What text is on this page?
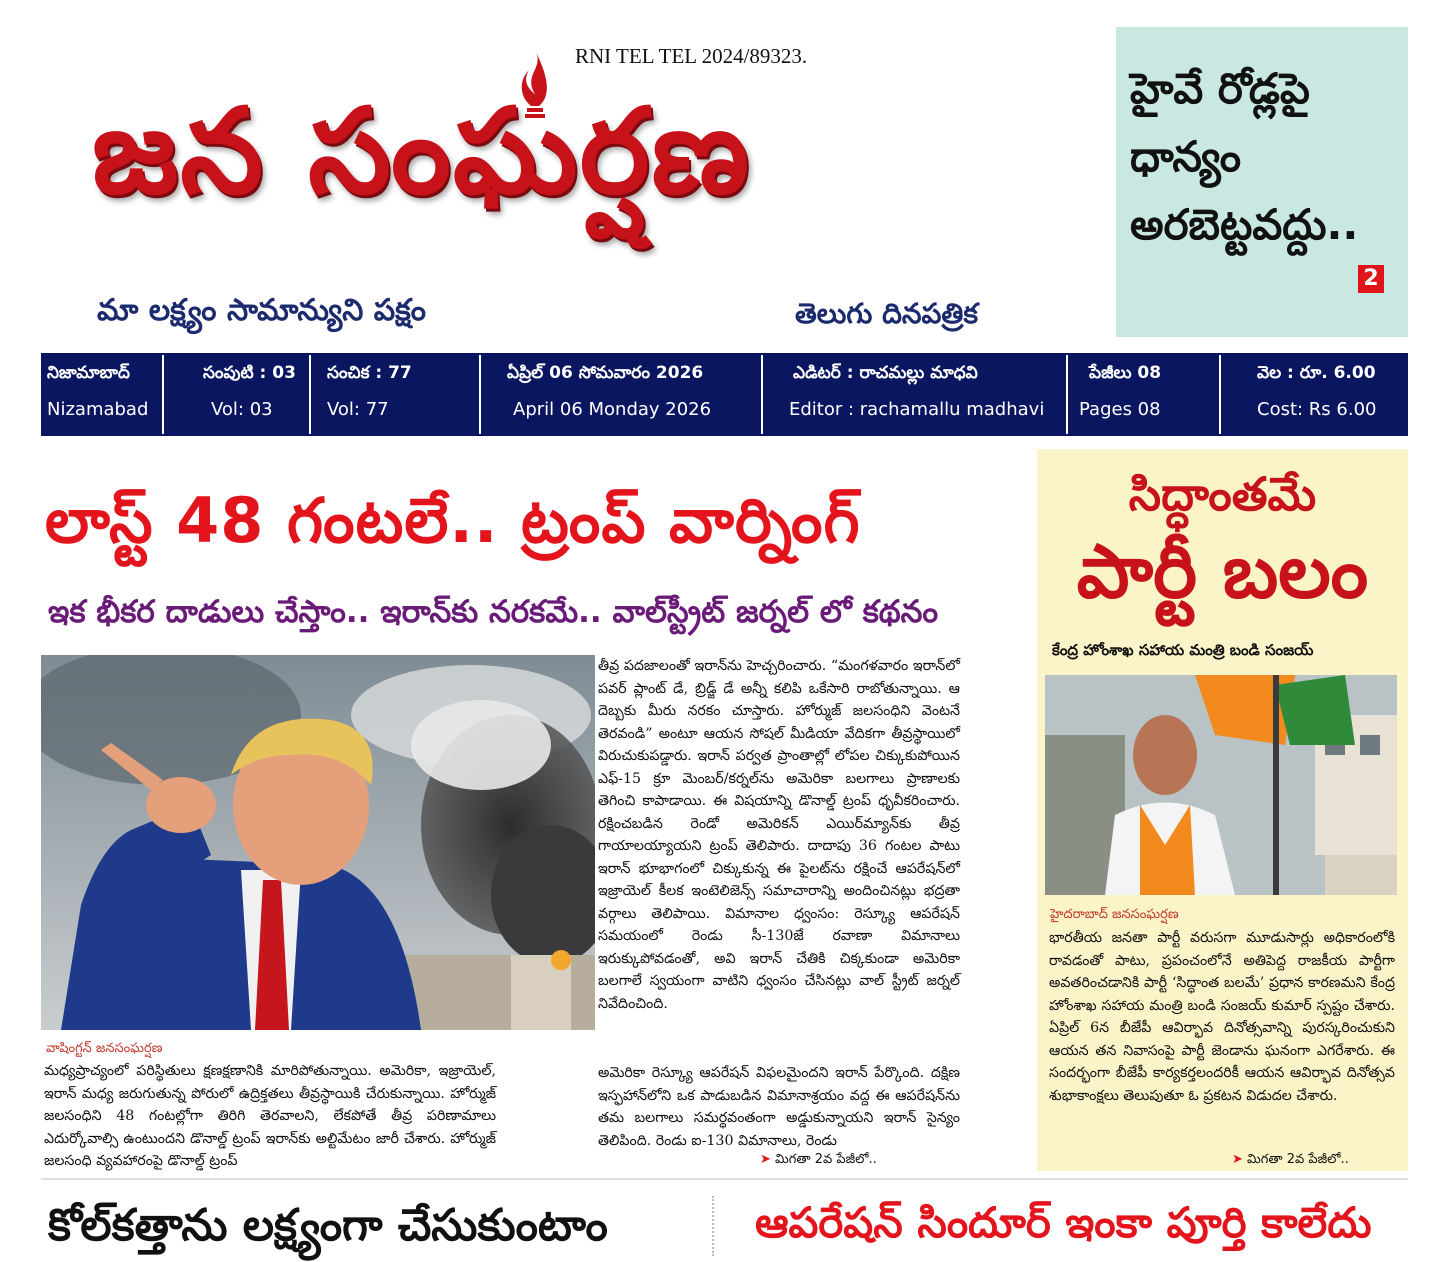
RNI TEL TEL 2024/89323.
జన సంఘర్షణ
మా లక్ష్యం సామాన్యుని పక్షం	తెలుగు దినపత్రిక
హైవే రోడ్లపై
ధాన్యం
అరబెట్టవద్దు..
2
నిజామాబాద్
Nizamabad
సంపుటి : 03
Vol: 03
సంచిక : 77
Vol: 77
ఏప్రిల్ 06 సోమవారం 2026
April 06 Monday 2026
ఎడిటర్ : రాచమల్లు మాధవి
Editor : rachamallu madhavi
పేజీలు 08
Pages 08
వెల : రూ. 6.00
Cost: Rs 6.00
లాస్ట్ 48 గంటలే.. ట్రంప్ వార్నింగ్
ఇక భీకర దాడులు చేస్తాం.. ఇరాన్‌కు నరకమే.. వాల్‌స్ట్రీట్ జర్నల్ లో కథనం
వాషింగ్టన్ జనసంఘర్షణ
మధ్యప్రాచ్యంలో పరిస్థితులు క్షణక్షణానికి మారిపోతున్నాయి. అమెరికా, ఇజ్రాయెల్, ఇరాన్ మధ్య జరుగుతున్న పోరులో ఉద్రిక్తతలు తీవ్రస్థాయికి చేరుకున్నాయి. హోర్ముజ్ జలసంధిని 48 గంటల్లోగా తిరిగి తెరవాలని, లేకపోతే తీవ్ర పరిణామాలు ఎదుర్కోవాల్సి ఉంటుందని డొనాల్డ్ ట్రంప్ ఇరాన్‌కు అల్టిమేటం జారీ చేశారు. హోర్ముజ్ జలసంధి వ్యవహారంపై డొనాల్డ్ ట్రంప్
తీవ్ర పదజాలంతో ఇరాన్‌ను హెచ్చరించారు. “మంగళవారం ఇరాన్‌లో పవర్ ప్లాంట్ డే, బ్రిడ్జ్ డే అన్నీ కలిపి ఒకేసారి రాబోతున్నాయి. ఆ దెబ్బకు మీరు నరకం చూస్తారు. హోర్ముజ్ జలసంధిని వెంటనే తెరవండి” అంటూ ఆయన సోషల్ మీడియా వేదికగా తీవ్రస్థాయిలో విరుచుకుపడ్డారు. ఇరాన్ పర్వత ప్రాంతాల్లో లోపల చిక్కుకుపోయిన ఎఫ్-15 క్రూ మెంబర్/కర్నల్‌ను అమెరికా బలగాలు ప్రాణాలకు తెగించి కాపాడాయి. ఈ విషయాన్ని డొనాల్డ్ ట్రంప్ ధృవీకరించారు. రక్షించబడిన రెండో అమెరికన్ ఎయిర్‌మ్యాన్‌కు తీవ్ర గాయాలయ్యాయని ట్రంప్ తెలిపారు. దాదాపు 36 గంటల పాటు ఇరాన్ భూభాగంలో చిక్కుకున్న ఈ పైలట్‌ను రక్షించే ఆపరేషన్‌లో ఇజ్రాయెల్ కీలక ఇంటెలిజెన్స్ సమాచారాన్ని అందించినట్లు భద్రతా వర్గాలు తెలిపాయి. విమానాల ధ్వంసం: రెస్క్యూ ఆపరేషన్ సమయంలో రెండు సీ-130జే రవాణా విమానాలు ఇరుక్కుపోవడంతో, అవి ఇరాన్ చేతికి చిక్కకుండా అమెరికా బలగాలే స్వయంగా వాటిని ధ్వంసం చేసినట్లు వాల్ స్ట్రీట్ జర్నల్ నివేదించింది.
అమెరికా రెస్క్యూ ఆపరేషన్ విఫలమైందని ఇరాన్ పేర్కొంది. దక్షిణ ఇస్ఫహాన్‌లోని ఒక పాడుబడిన విమానాశ్రయం వద్ద ఈ ఆపరేషన్‌ను తమ బలగాలు సమర్థవంతంగా అడ్డుకున్నాయని ఇరాన్ సైన్యం తెలిపింది. రెండు ఐ-130 విమానాలు, రెండు
➤ మిగతా 2వ పేజీలో..
సిద్ధాంతమే
పార్టీ బలం
కేంద్ర హోంశాఖ సహాయ మంత్రి బండి సంజయ్
హైదరాబాద్ జనసంఘర్షణ
భారతీయ జనతా పార్టీ వరుసగా మూడుసార్లు అధికారంలోకి రావడంతో పాటు, ప్రపంచంలోనే అతిపెద్ద రాజకీయ పార్టీగా అవతరించడానికి పార్టీ ‘సిద్ధాంత బలమే’ ప్రధాన కారణమని కేంద్ర హోంశాఖ సహాయ మంత్రి బండి సంజయ్ కుమార్ స్పష్టం చేశారు. ఏప్రిల్ 6న బీజేపీ ఆవిర్భావ దినోత్సవాన్ని పురస్కరించుకుని ఆయన తన నివాసంపై పార్టీ జెండాను ఘనంగా ఎగరేశారు. ఈ సందర్భంగా బీజేపీ కార్యకర్తలందరికీ ఆయన ఆవిర్భావ దినోత్సవ శుభాకాంక్షలు తెలుపుతూ ఓ ప్రకటన విడుదల చేశారు.
➤ మిగతా 2వ పేజీలో..
కోల్‌కత్తాను లక్ష్యంగా చేసుకుంటాం	ఆపరేషన్ సిందూర్ ఇంకా పూర్తి కాలేదు
